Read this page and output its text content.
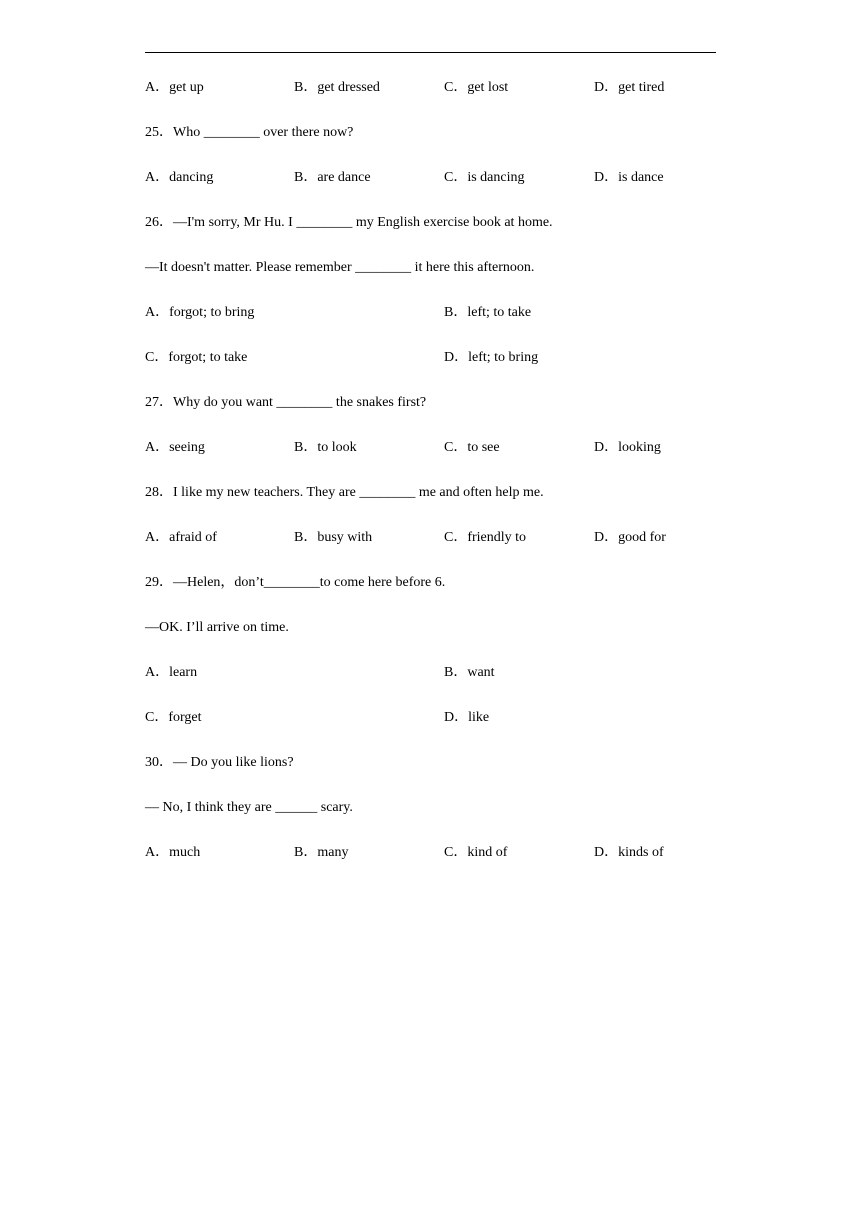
A．get up	B．get dressed	C．get lost	D．get tired
25．Who ________ over there now?
A．dancing	B．are dance	C．is dancing	D．is dance
26．—I'm sorry, Mr Hu. I ________ my English exercise book at home.
—It doesn't matter. Please remember ________ it here this afternoon.
A．forgot; to bring	B．left; to take
C．forgot; to take	D．left; to bring
27．Why do you want ________ the snakes first?
A．seeing	B．to look	C．to see	D．looking
28．I like my new teachers. They are ________ me and often help me.
A．afraid of	B．busy with	C．friendly to	D．good for
29．—Helen，don’t________to come here before 6.
—OK. I’ll arrive on time.
A．learn	B．want
C．forget	D．like
30．— Do you like lions?
— No, I think they are ______ scary.
A．much	B．many	C．kind of	D．kinds of
